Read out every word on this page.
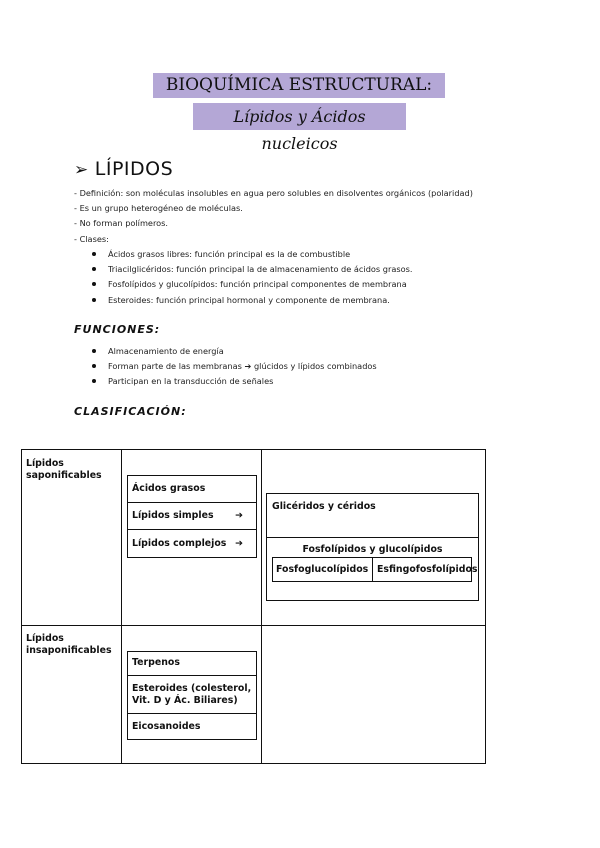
BIOQUÍMICA ESTRUCTURAL:
Lípidos y Ácidos nucleicos
➢ LÍPIDOS
- Definición: son moléculas insolubles en agua pero solubles en disolventes orgánicos (polaridad)
- Es un grupo heterogéneo de moléculas.
- No forman polímeros.
- Clases:
Ácidos grasos libres: función principal es la de combustible
Triacilglicéridos: función principal la de almacenamiento de ácidos grasos.
Fosfolípidos y glucolípidos: función principal componentes de membrana
Esteroides: función principal hormonal y componente de membrana.
FUNCIONES:
Almacenamiento de energía
Forman parte de las membranas ➔ glúcidos y lípidos combinados
Participan en la transducción de señales
CLASIFICACIÓN:
Lípidos saponificables
Lípidos insaponificables
Ácidos grasos
Lípidos simples ➔
Lípidos complejos ➔
Glicéridos y céridos
Fosfolípidos y glucolípidos
Fosfoglucolípidos Esfingofosfolípidos
Terpenos
Esteroides (colesterol, Vit. D y Ác. Biliares)
Eicosanoides
